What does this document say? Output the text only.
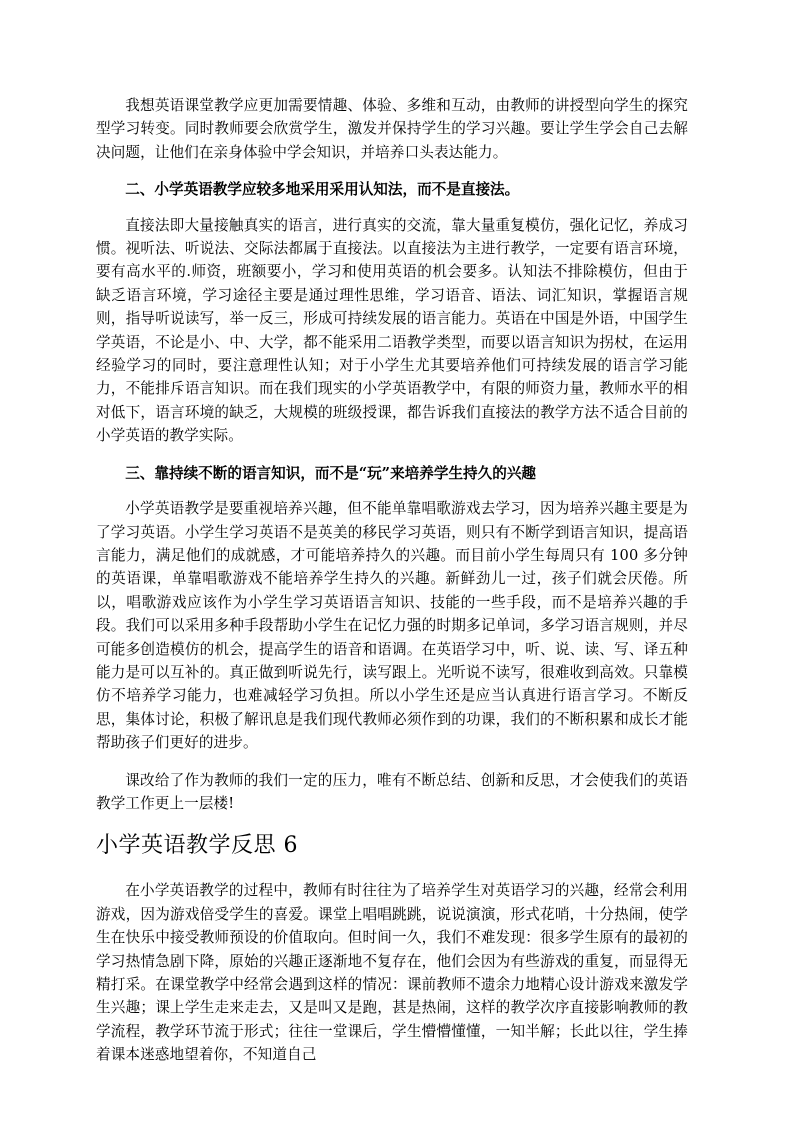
我想英语课堂教学应更加需要情趣、体验、多维和互动，由教师的讲授型向学生的探究型学习转变。同时教师要会欣赏学生，激发并保持学生的学习兴趣。要让学生学会自己去解决问题，让他们在亲身体验中学会知识，并培养口头表达能力。

二、小学英语教学应较多地采用采用认知法，而不是直接法。

直接法即大量接触真实的语言，进行真实的交流，靠大量重复模仿，强化记忆，养成习惯。视听法、听说法、交际法都属于直接法。以直接法为主进行教学，一定要有语言环境，要有高水平的.师资，班额要小，学习和使用英语的机会要多。认知法不排除模仿，但由于缺乏语言环境，学习途径主要是通过理性思维，学习语音、语法、词汇知识，掌握语言规则，指导听说读写，举一反三，形成可持续发展的语言能力。英语在中国是外语，中国学生学英语，不论是小、中、大学，都不能采用二语教学类型，而要以语言知识为拐杖，在运用经验学习的同时，要注意理性认知；对于小学生尤其要培养他们可持续发展的语言学习能力，不能排斥语言知识。而在我们现实的小学英语教学中，有限的师资力量，教师水平的相对低下，语言环境的缺乏，大规模的班级授课，都告诉我们直接法的教学方法不适合目前的小学英语的教学实际。

三、靠持续不断的语言知识，而不是“玩”来培养学生持久的兴趣

小学英语教学是要重视培养兴趣，但不能单靠唱歌游戏去学习，因为培养兴趣主要是为了学习英语。小学生学习英语不是英美的移民学习英语，则只有不断学到语言知识，提高语言能力，满足他们的成就感，才可能培养持久的兴趣。而目前小学生每周只有 100 多分钟的英语课，单靠唱歌游戏不能培养学生持久的兴趣。新鲜劲儿一过，孩子们就会厌倦。所以，唱歌游戏应该作为小学生学习英语语言知识、技能的一些手段，而不是培养兴趣的手段。我们可以采用多种手段帮助小学生在记忆力强的时期多记单词，多学习语言规则，并尽可能多创造模仿的机会，提高学生的语音和语调。在英语学习中，听、说、读、写、译五种能力是可以互补的。真正做到听说先行，读写跟上。光听说不读写，很难收到高效。只靠模仿不培养学习能力，也难减轻学习负担。所以小学生还是应当认真进行语言学习。不断反思，集体讨论，积极了解讯息是我们现代教师必须作到的功课，我们的不断积累和成长才能帮助孩子们更好的进步。

课改给了作为教师的我们一定的压力，唯有不断总结、创新和反思，才会使我们的英语教学工作更上一层楼!

小学英语教学反思 6

在小学英语教学的过程中，教师有时往往为了培养学生对英语学习的兴趣，经常会利用游戏，因为游戏倍受学生的喜爱。课堂上唱唱跳跳，说说演演，形式花哨，十分热闹，使学生在快乐中接受教师预设的价值取向。但时间一久，我们不难发现：很多学生原有的最初的学习热情急剧下降，原始的兴趣正逐渐地不复存在，他们会因为有些游戏的重复，而显得无精打采。在课堂教学中经常会遇到这样的情况：课前教师不遗余力地精心设计游戏来激发学生兴趣；课上学生走来走去，又是叫又是跑，甚是热闹，这样的教学次序直接影响教师的教学流程，教学环节流于形式；往往一堂课后，学生懵懵懂懂，一知半解；长此以往，学生捧着课本迷惑地望着你，不知道自己
